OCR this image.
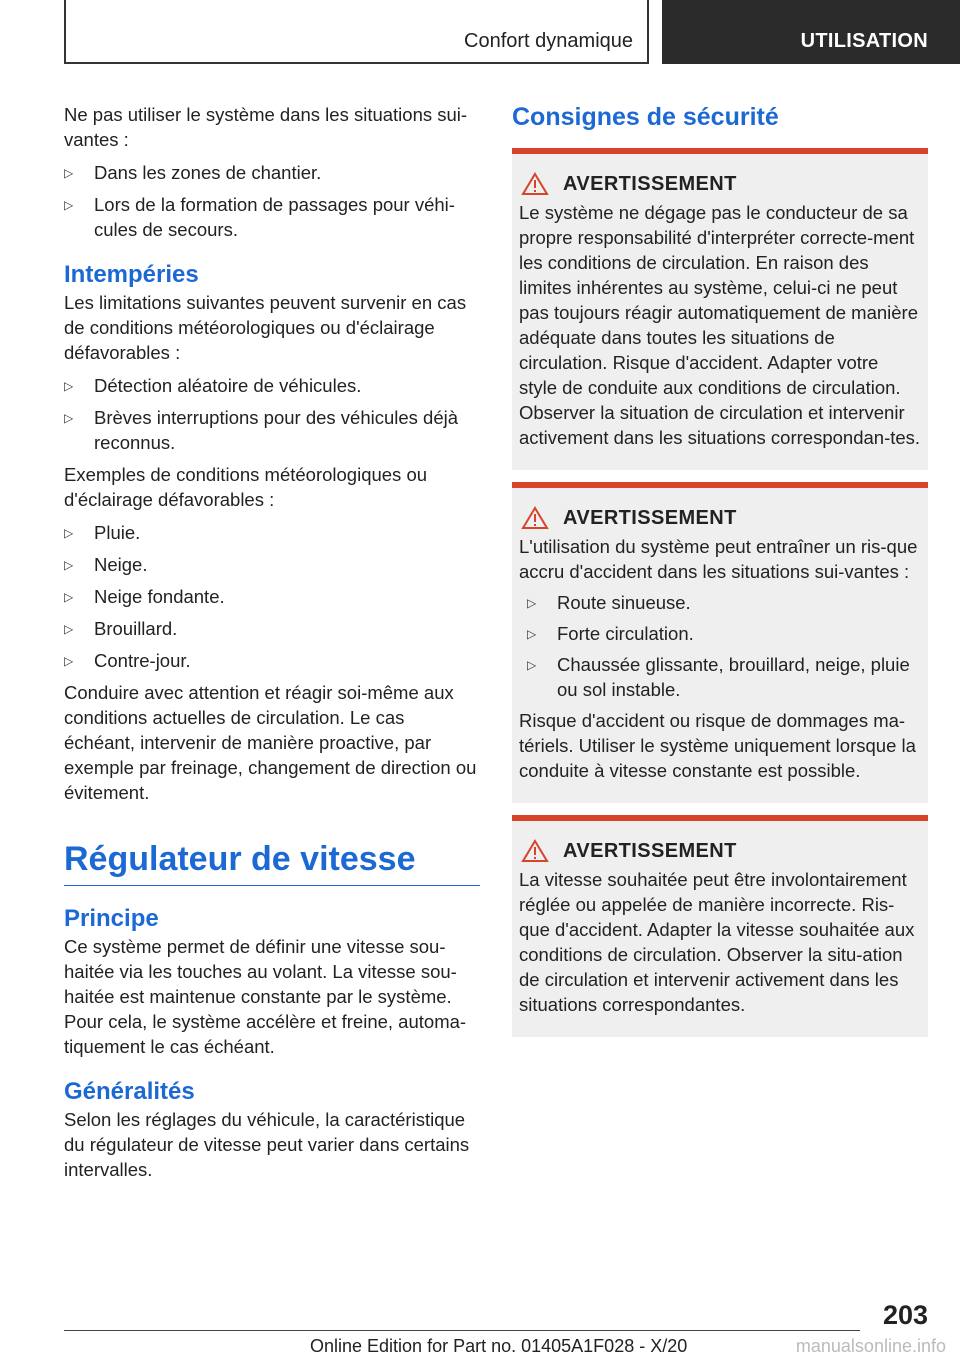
Confort dynamique	UTILISATION

Ne pas utiliser le système dans les situations sui-vantes :

▷ Dans les zones de chantier.
▷ Lors de la formation de passages pour véhi-cules de secours.
Intempéries

Les limitations suivantes peuvent survenir en cas de conditions météorologiques ou d'éclairage défavorables :

▷ Détection aléatoire de véhicules.
▷ Brèves interruptions pour des véhicules déjà reconnus.

Exemples de conditions météorologiques ou d'éclairage défavorables :

▷ Pluie.
▷ Neige.
▷ Neige fondante.
▷ Brouillard.
▷ Contre-jour.

Conduire avec attention et réagir soi-même aux conditions actuelles de circulation. Le cas échéant, intervenir de manière proactive, par exemple par freinage, changement de direction ou évitement.

Régulateur de vitesse
Principe

Ce système permet de définir une vitesse sou-haitée via les touches au volant. La vitesse sou-haitée est maintenue constante par le système. Pour cela, le système accélère et freine, automa-tiquement le cas échéant.

Généralités

Selon les réglages du véhicule, la caractéristique du régulateur de vitesse peut varier dans certains intervalles.

Consignes de sécurité
AVERTISSEMENT

Le système ne dégage pas le conducteur de sa propre responsabilité d'interpréter correcte-ment les conditions de circulation. En raison des limites inhérentes au système, celui-ci ne peut pas toujours réagir automatiquement de manière adéquate dans toutes les situations de circulation. Risque d'accident. Adapter votre style de conduite aux conditions de circulation. Observer la situation de circulation et intervenir activement dans les situations correspondan-tes.

AVERTISSEMENT

L'utilisation du système peut entraîner un ris-que accru d'accident dans les situations sui-vantes :

▷ Route sinueuse.
▷ Forte circulation.
▷ Chaussée glissante, brouillard, neige, pluie ou sol instable.

Risque d'accident ou risque de dommages ma-tériels. Utiliser le système uniquement lorsque la conduite à vitesse constante est possible.

AVERTISSEMENT

La vitesse souhaitée peut être involontairement réglée ou appelée de manière incorrecte. Ris-que d'accident. Adapter la vitesse souhaitée aux conditions de circulation. Observer la situ-ation de circulation et intervenir activement dans les situations correspondantes.

203
Online Edition for Part no. 01405A1F028 - X/20	manualsonline.info
